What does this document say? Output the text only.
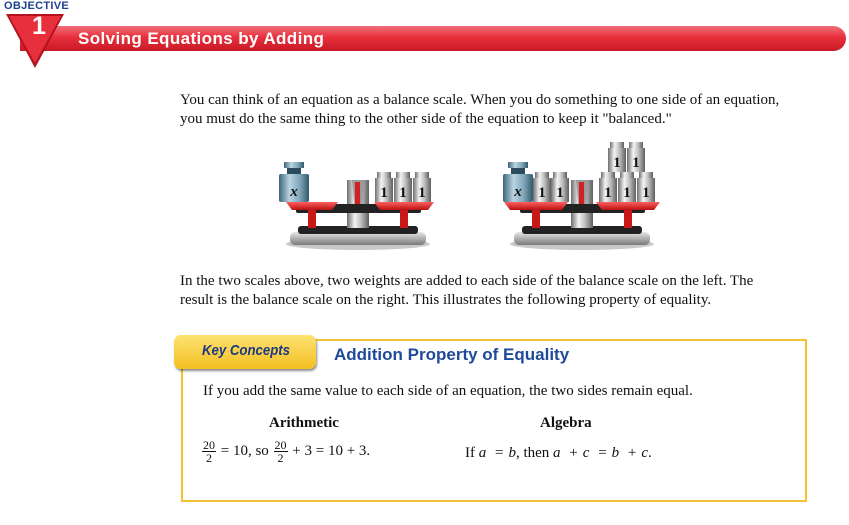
OBJECTIVE
1	Solving Equations by Adding

You can think of an equation as a balance scale. When you do something to one side of an equation, you must do the same thing to the other side of the equation to keep it "balanced."

x	1 1 1	x 1 1	1 1 1
1 1

In the two scales above, two weights are added to each side of the balance scale on the left. The result is the balance scale on the right. This illustrates the following property of equality.

Key Concepts	Addition Property of Equality
If you add the same value to each side of an equation, the two sides remain equal.
Arithmetic	Algebra
$\frac{20}{2} = 10$, so $\frac{20}{2} + 3 = 10 + 3$.	If a = b, then a + c = b + c.
